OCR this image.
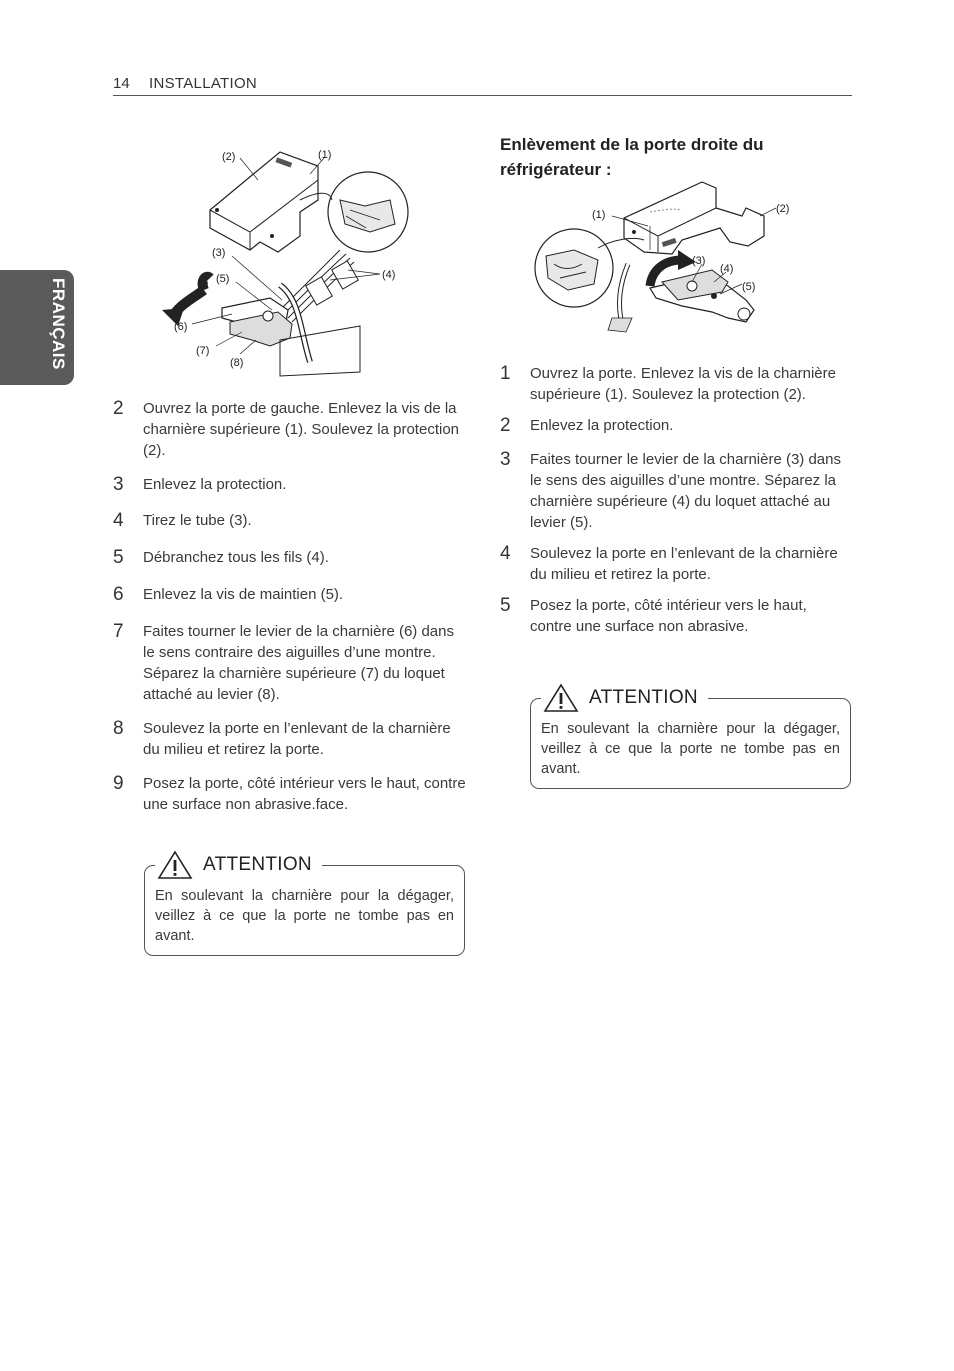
14 INSTALLATION
FRANÇAIS
(2)	(1)
(3)
(5)	(4)
(6)
(7)
(8)
2 Ouvrez la porte de gauche. Enlevez la vis de la charnière supérieure (1). Soulevez la protection (2).
3 Enlevez la protection.
4 Tirez le tube (3).
5 Débranchez tous les fils (4).
6 Enlevez la vis de maintien (5).
7 Faites tourner le levier de la charnière (6) dans le sens contraire des aiguilles d’une montre. Séparez la charnière supérieure (7) du loquet attaché au levier (8).
8 Soulevez la porte en l’enlevant de la charnière du milieu et retirez la porte.
9 Posez la porte, côté intérieur vers le haut, contre une surface non abrasive.face.
ATTENTION
En soulevant la charnière pour la dégager, veillez à ce que la porte ne tombe pas en avant.
Enlèvement de la porte droite du réfrigérateur :
(1)	(2)
(3)
(4)
(5)
1 Ouvrez la porte. Enlevez la vis de la charnière supérieure (1). Soulevez la protection (2).
2 Enlevez la protection.
3 Faites tourner le levier de la charnière (3) dans le sens des aiguilles d’une montre. Séparez la charnière supérieure (4) du loquet attaché au levier (5).
4 Soulevez la porte en l’enlevant de la charnière du milieu et retirez la porte.
5 Posez la porte, côté intérieur vers le haut, contre une surface non abrasive.
ATTENTION
En soulevant la charnière pour la dégager, veillez à ce que la porte ne tombe pas en avant.
